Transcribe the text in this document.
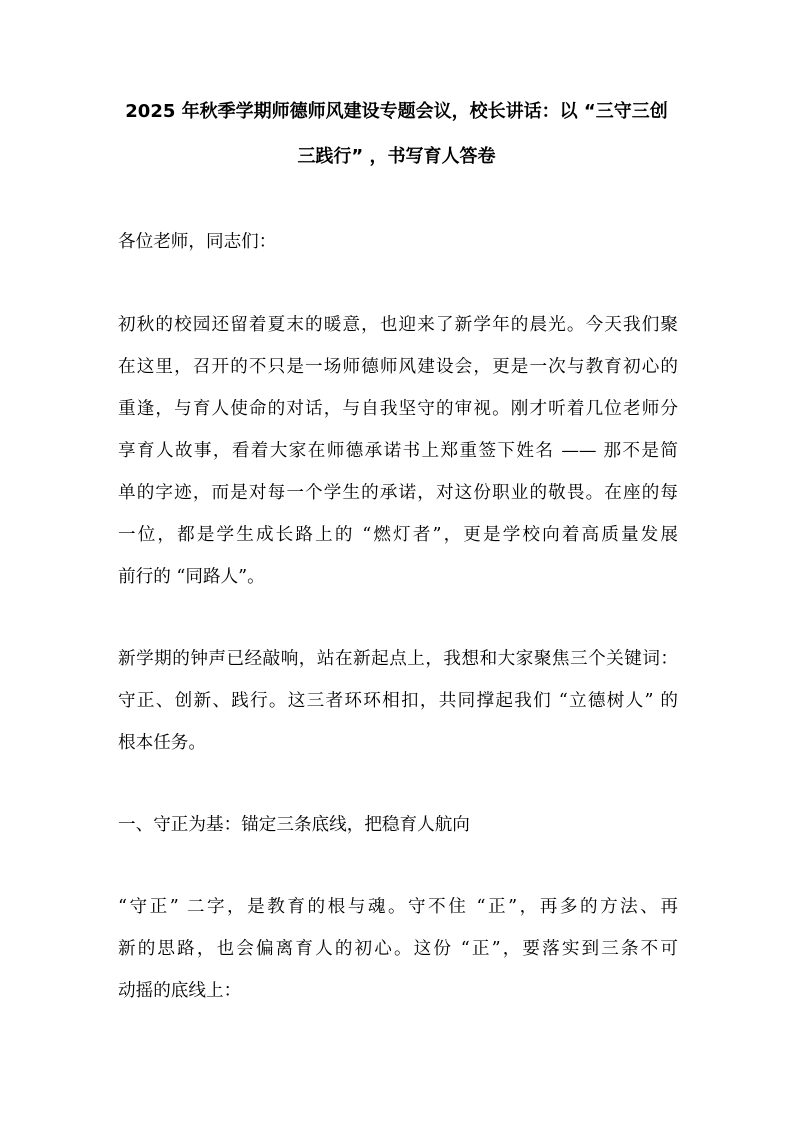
2025 年秋季学期师德师风建设专题会议，校长讲话：以 “三守三创
三践行” ，书写育人答卷
各位老师，同志们：
初秋的校园还留着夏末的暖意，也迎来了新学年的晨光。今天我们聚
在这里，召开的不只是一场师德师风建设会，更是一次与教育初心的
重逢，与育人使命的对话，与自我坚守的审视。刚才听着几位老师分
享育人故事，看着大家在师德承诺书上郑重签下姓名 —— 那不是简
单的字迹，而是对每一个学生的承诺，对这份职业的敬畏。在座的每
一位，都是学生成长路上的 “燃灯者”，更是学校向着高质量发展
前行的 “同路人”。
新学期的钟声已经敲响，站在新起点上，我想和大家聚焦三个关键词：
守正、创新、践行。这三者环环相扣，共同撑起我们 “立德树人” 的
根本任务。
一、守正为基：锚定三条底线，把稳育人航向
“守正” 二字，是教育的根与魂。守不住 “正”，再多的方法、再
新的思路，也会偏离育人的初心。这份 “正”，要落实到三条不可
动摇的底线上：
